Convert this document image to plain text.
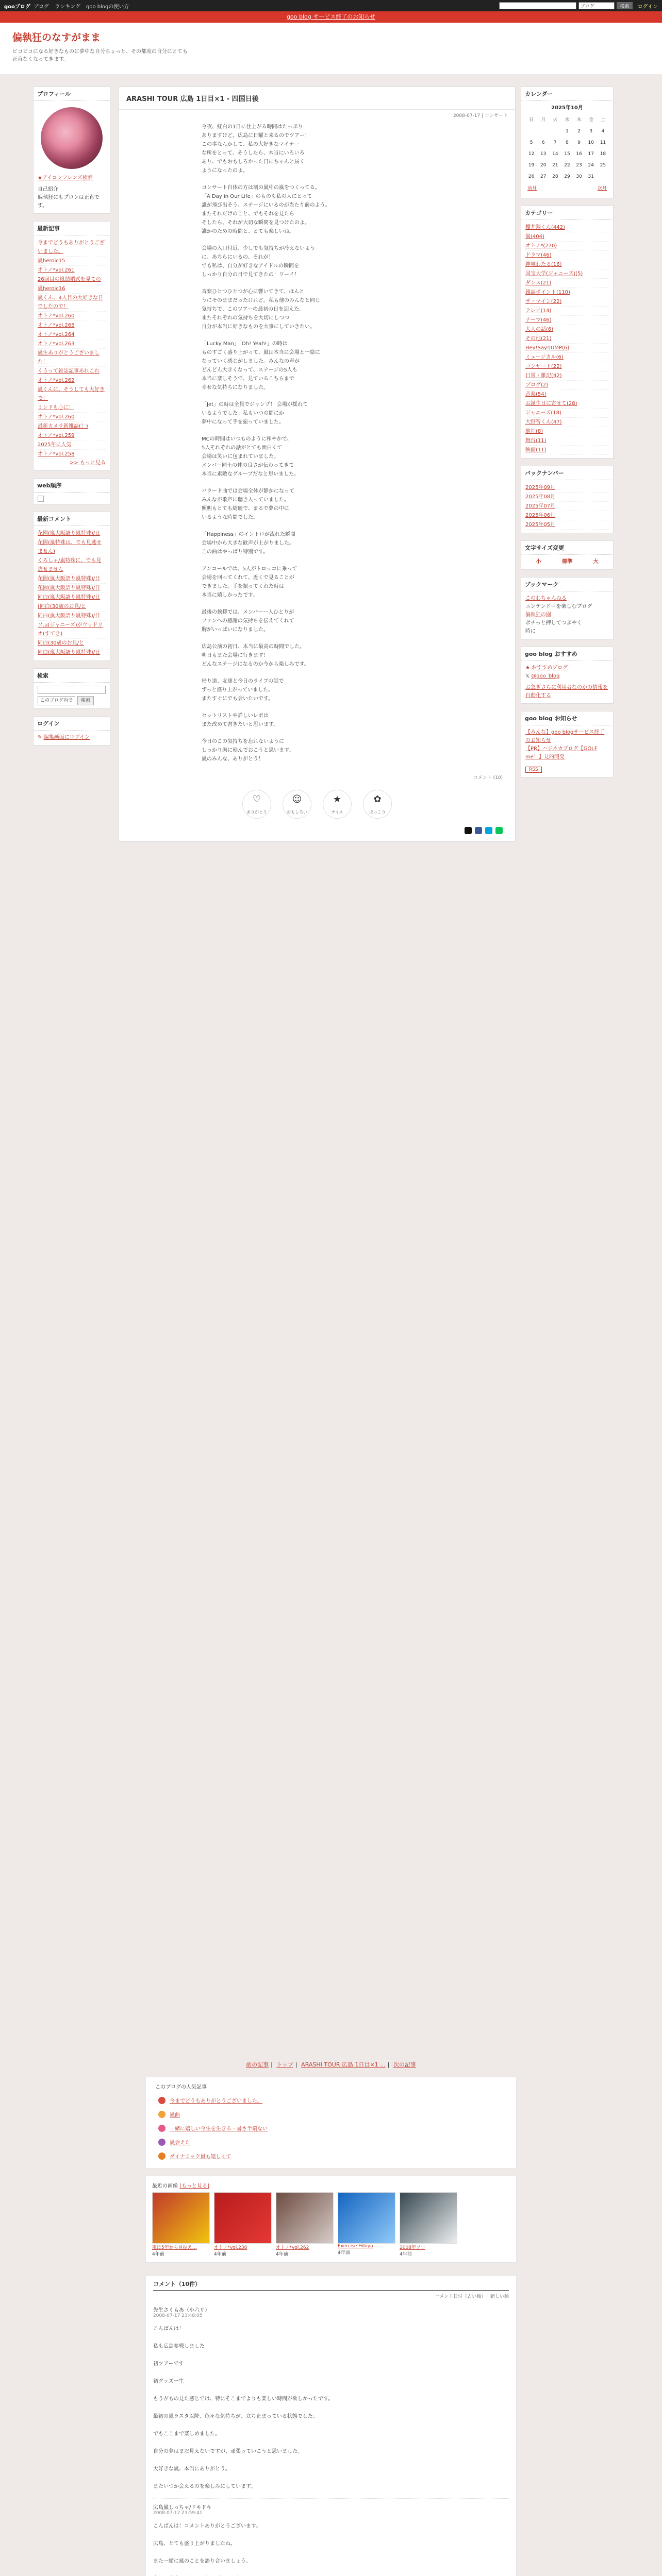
gooブログ ブログ ランキング goo blogの使い方	ブログ	検索	ログイン
goo blog サービス終了のお知らせ
偏執狂のなすがまま
ビコビコになる好きなものに夢中な自分ちょっと、その都度の自分にとても正直なくなってきます。
プロフィール
★アイコンフレンズ検索
自己紹介
偏執狂にもプロンは正直です。
最新記事
今までどうもありがとうございました。
嵐heroic15
オトノ*vol.261
26回目の嵐結婚式を見ての
嵐heroic16
嵐くん、4人目の大好きな日でしたので！
オトノ*vol.260
オトノ*vol.265
オトノ*vol.264
オトノ*vol.263
嵐生ありがとうございました！
くうって雑誌記事あれこれ
オトノ*vol.262
嵐くんに、そうしても大好きで！
ミンドも心に！
オトノ*vol.260
最新カメラ新雑誌(！)
オトノ*vol.259
2025年に人気
オトノ*vol.258
>> もっと見る
web順序
最新コメント
花園(嵐大阪語り嵐特殊)/日
花園(嵐特殊は、でも見逃せません)
くろしゃ/嵐特殊に、でも見逃せません
花園(嵐大阪語り嵐特殊)/日
花園(嵐大阪語り嵐特殊)/日
同白(嵐大阪語り嵐特殊)/日
(同白(30歳のお見/と
同白(嵐大阪語り嵐特殊)/日
ソ.u(ジャニーズ)がウッドリオ(すてき)
同白(30歳のお見/と
同白(嵐大阪語り嵐特殊)/日
検索
このブログ内で	検索
ログイン
✎ 編集画面にログイン
ARASHI TOUR 広島 1日目×1 - 四国日後
2008-07-17 | コンサート

今夜、紅白の1日に仕上がる時間はたっぷり
ありますけど。広島に日曜と来るのでツアー！
この事なんかして、私の大好きなマイナー
な所をとって、そうしたら、本当にいろいろ
あり、でもおもしろかった日にちゃんと届く
ようになったのよ。

コンサート自体の方は割の嵐中の嵐をつくってる。
「A Day in Our Life」のものも私の人にとって
誰が飛び出そう、ステージにいるのが当たり前のよう。
またそれだけのこと、でもそれを見たら
そしたら、それが大切な瞬間を見つけたのよ。
誰かのための時間と、とても楽しいね。

会場の入口付近、少しでも気持ちが冷えないよう
に、あちらにいるの、それが！
でも私は、自分が好きなアイドルの瞬間を
しっかり自分の目で見てきたの！ワーイ！

音楽ひとつひとつが心に響いてきて、ほんと
うにそのままだったけれど。私も他のみんなと同じ
気持ちで、このツアーの最初の日を迎えた。
またそれぞれの気持ちを大切にしつつ
自分が本当に好きなものを大事にしていきたい。

「Lucky Man」「Oh! Yeah!」の時は
ものすごく盛り上がって、嵐は本当に会場と一緒に
なっていく感じがしました。みんなの声が
どんどん大きくなって、ステージの5人も
本当に楽しそうで、見ているこちらまで
幸せな気持ちになりました。

「Jet」の時は全員でジャンプ！ 会場が揺れて
いるようでした。私もいつの間にか
夢中になって手を振っていました。

MCの時間はいつものように和やかで、
5人それぞれの話がとても面白くて
会場は笑いに包まれていました。
メンバー同士の仲の良さが伝わってきて
本当に素敵なグループだなと思いました。

バラード曲では会場全体が静かになって
みんなが歌声に聴き入っていました。
照明もとても綺麗で、まるで夢の中に
いるような時間でした。

「Happiness」のイントロが流れた瞬間
会場中から大きな歓声が上がりました。
この曲はやっぱり特別です。

アンコールでは、5人がトロッコに乗って
会場を回ってくれて、近くで見ることが
できました。手を振ってくれた時は
本当に嬉しかったです。

最後の挨拶では、メンバー一人ひとりが
ファンへの感謝の気持ちを伝えてくれて
胸がいっぱいになりました。

広島公演の初日、本当に最高の時間でした。
明日もまた会場に行きます！
どんなステージになるのか今から楽しみです。

帰り道、友達と今日のライブの話で
ずっと盛り上がっていました。
またすぐにでも会いたいです。

セットリストや詳しいレポは
また改めて書きたいと思います。

今日のこの気持ちを忘れないように
しっかり胸に刻んでおこうと思います。
嵐のみんな、ありがとう！

コメント (10)
♡
ありがとう
☺
おもしろい
★
ナイス
✿
ほっこり
カレンダー
2025年10月
日	月	火	水	木	金	土
			1	2	3	4
5	6	7	8	9	10	11
12	13	14	15	16	17	18
19	20	21	22	23	24	25
26	27	28	29	30	31	
前月	次月
カテゴリー
櫻井翔くん(442)
嵐(404)
オトノ*(270)
ドラマ(46)
神城わたる(16)
国宝大学(ジャニーズ)(5)
ダンス(21)
雑誌ポイント(110)
ザ・マイン(22)
テレビ(14)
テーマ(46)
大人の話(6)
その他(21)
Hey!Say!JUMP(6)
ミュージカル(6)
コンサート(22)
日常・雑記(42)
ブログ(2)
音楽(54)
お誕生日に寄せて(28)
ジャニーズ(18)
大野智くん(47)
他社(8)
舞台(11)
映画(11)
バックナンバー
2025年09月
2025年08月
2025年07月
2025年06月
2025年05月
文字サイズ変更
小	標準	大
ブックマーク
このわちゃんねる
ニンテンドーを楽しむブログ
偏執狂の園
ポチっと押してつぶやく
時に
goo blog おすすめ
★ おすすめブログ
𝕏 @goo_blog
お急ぎさらに利用者なのかの情報を自動化する
goo blog お知らせ
【みんな】goo blogサービス終了のお知らせ
【PR】ハジネカブログ【GOLF me！】見的開発
RSS
前の記事 | トップ | ARASHI TOUR 広島 1日目×1 ... | 次の記事
このブログの人気記事
今までどうもありがとうございました。
嵐曲
一緒に嬉しい今生を生きる - 暑さ半端ない
嵐会えた
ダイナミック嵐も嬉しくて
最近の画像 [もっと見る]
嵐は5年から見据え…
4年前
オトノ*vol.238
4年前
オトノ*vol.262
4年前
Exercise Hibiya
4年前
2008年ソロ
4年前
コメント（10件）
コメント日付（古い順） | 新しい順
先生さくもあ（小六リ）
2008-07-17 23:48:05
こんばんは！

私も広島参戦しました

初ツアーです

初グッズ一生

もうがもの見た感じでは、特にそこまでよりも楽しい時間が欲しかったです。

最初の嵐ラスタ以降、色々な気持ちが、立ち止まっている状態でした。

でもここまで楽しめました。

自分の夢はまだ見えないですが、頑張っていこうと思いました。

大好きな嵐、本当にありがとう。

またいつか会えるのを楽しみにしています。
広島嵐しっちゃ/ドキドキ
2008-07-17 23:59:41
こんばんは！コメントありがとうございます。

広島、とても盛り上がりましたね。

また一緒に嵐のことを語り合いましょう。
